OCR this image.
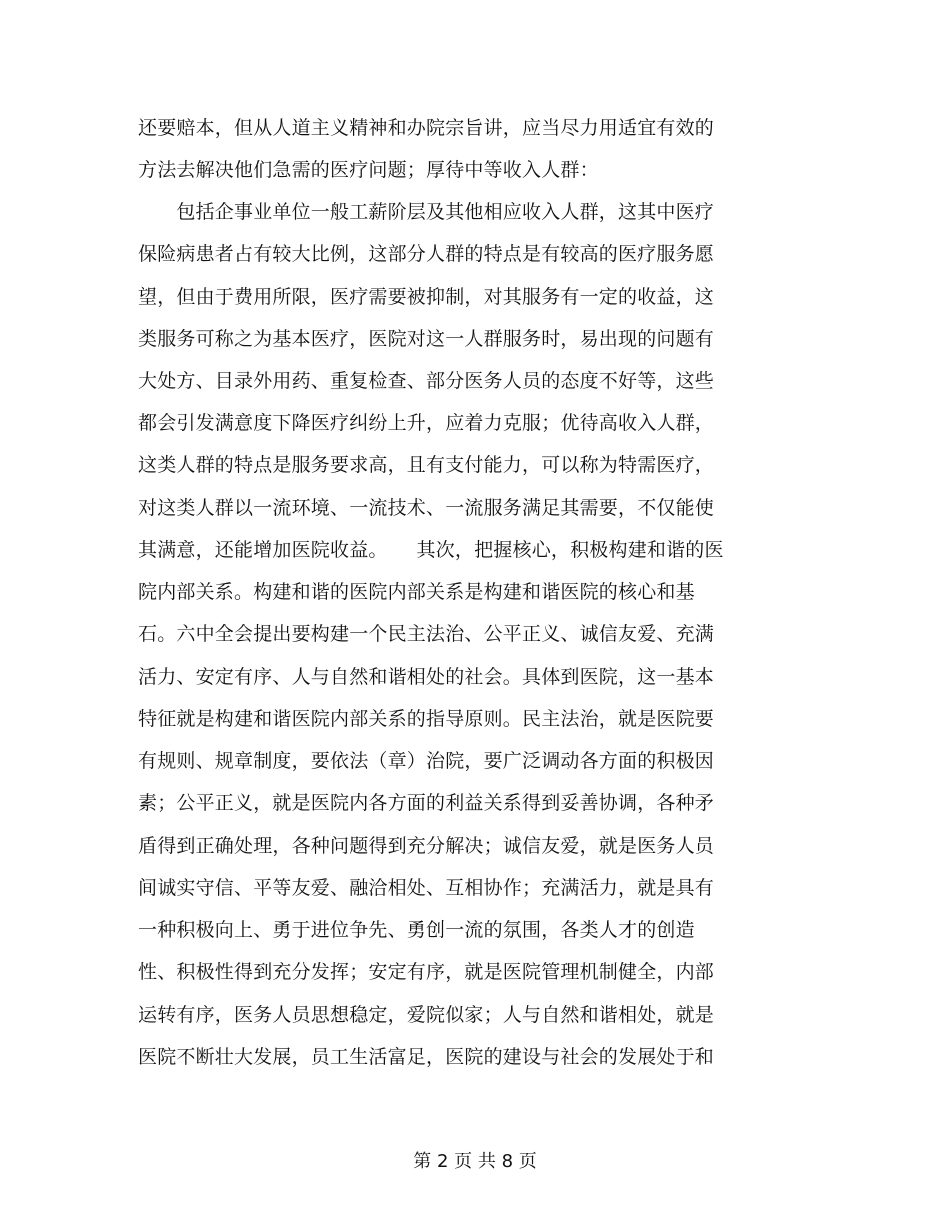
还要赔本，但从人道主义精神和办院宗旨讲，应当尽力用适宜有效的
方法去解决他们急需的医疗问题；厚待中等收入人群：
　　包括企事业单位一般工薪阶层及其他相应收入人群，这其中医疗
保险病患者占有较大比例，这部分人群的特点是有较高的医疗服务愿
望，但由于费用所限，医疗需要被抑制，对其服务有一定的收益，这
类服务可称之为基本医疗，医院对这一人群服务时，易出现的问题有
大处方、目录外用药、重复检查、部分医务人员的态度不好等，这些
都会引发满意度下降医疗纠纷上升，应着力克服；优待高收入人群，
这类人群的特点是服务要求高，且有支付能力，可以称为特需医疗，
对这类人群以一流环境、一流技术、一流服务满足其需要，不仅能使
其满意，还能增加医院收益。　　其次，把握核心，积极构建和谐的医
院内部关系。构建和谐的医院内部关系是构建和谐医院的核心和基
石。六中全会提出要构建一个民主法治、公平正义、诚信友爱、充满
活力、安定有序、人与自然和谐相处的社会。具体到医院，这一基本
特征就是构建和谐医院内部关系的指导原则。民主法治，就是医院要
有规则、规章制度，要依法（章）治院，要广泛调动各方面的积极因
素；公平正义，就是医院内各方面的利益关系得到妥善协调，各种矛
盾得到正确处理，各种问题得到充分解决；诚信友爱，就是医务人员
间诚实守信、平等友爱、融洽相处、互相协作；充满活力，就是具有
一种积极向上、勇于进位争先、勇创一流的氛围，各类人才的创造
性、积极性得到充分发挥；安定有序，就是医院管理机制健全，内部
运转有序，医务人员思想稳定，爱院似家；人与自然和谐相处，就是
医院不断壮大发展，员工生活富足，医院的建设与社会的发展处于和
第 2 页 共 8 页
